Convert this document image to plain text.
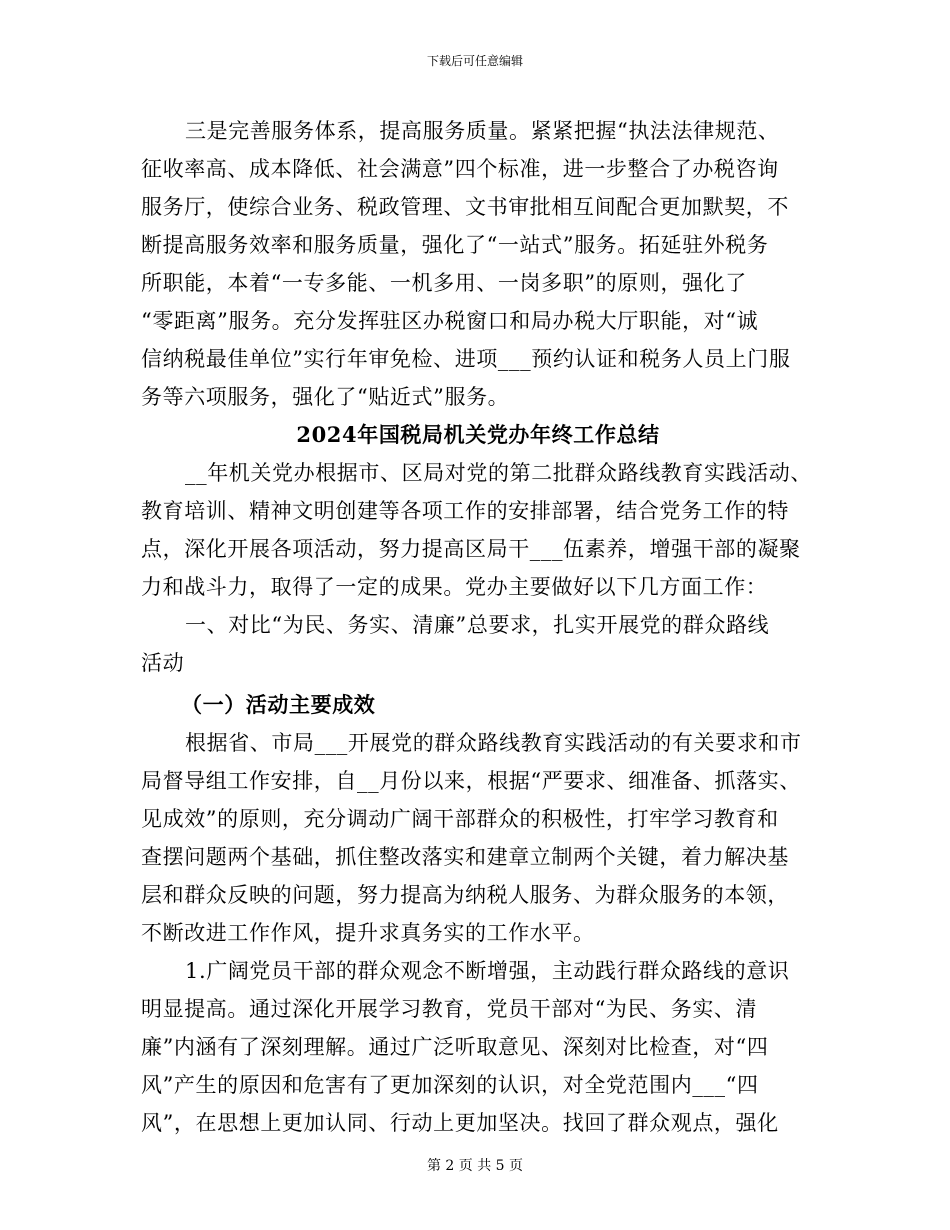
下载后可任意编辑
三是完善服务体系，提高服务质量。紧紧把握“执法法律规范、
征收率高、成本降低、社会满意”四个标准，进一步整合了办税咨询
服务厅，使综合业务、税政管理、文书审批相互间配合更加默契，不
断提高服务效率和服务质量，强化了“一站式”服务。拓延驻外税务
所职能，本着“一专多能、一机多用、一岗多职”的原则，强化了
“零距离”服务。充分发挥驻区办税窗口和局办税大厅职能，对“诚
信纳税最佳单位”实行年审免检、进项___预约认证和税务人员上门服
务等六项服务，强化了“贴近式”服务。
2024年国税局机关党办年终工作总结
__年机关党办根据市、区局对党的第二批群众路线教育实践活动、
教育培训、精神文明创建等各项工作的安排部署，结合党务工作的特
点，深化开展各项活动，努力提高区局干___伍素养，增强干部的凝聚
力和战斗力，取得了一定的成果。党办主要做好以下几方面工作：
一、对比“为民、务实、清廉”总要求，扎实开展党的群众路线
活动
（一）活动主要成效
根据省、市局___开展党的群众路线教育实践活动的有关要求和市
局督导组工作安排，自__月份以来，根据“严要求、细准备、抓落实、
见成效”的原则，充分调动广阔干部群众的积极性，打牢学习教育和
查摆问题两个基础，抓住整改落实和建章立制两个关键，着力解决基
层和群众反映的问题，努力提高为纳税人服务、为群众服务的本领，
不断改进工作作风，提升求真务实的工作水平。
1.广阔党员干部的群众观念不断增强，主动践行群众路线的意识
明显提高。通过深化开展学习教育，党员干部对“为民、务实、清
廉”内涵有了深刻理解。通过广泛听取意见、深刻对比检查，对“四
风”产生的原因和危害有了更加深刻的认识，对全党范围内___“四
风”，在思想上更加认同、行动上更加坚决。找回了群众观点，强化
第 2 页 共 5 页
